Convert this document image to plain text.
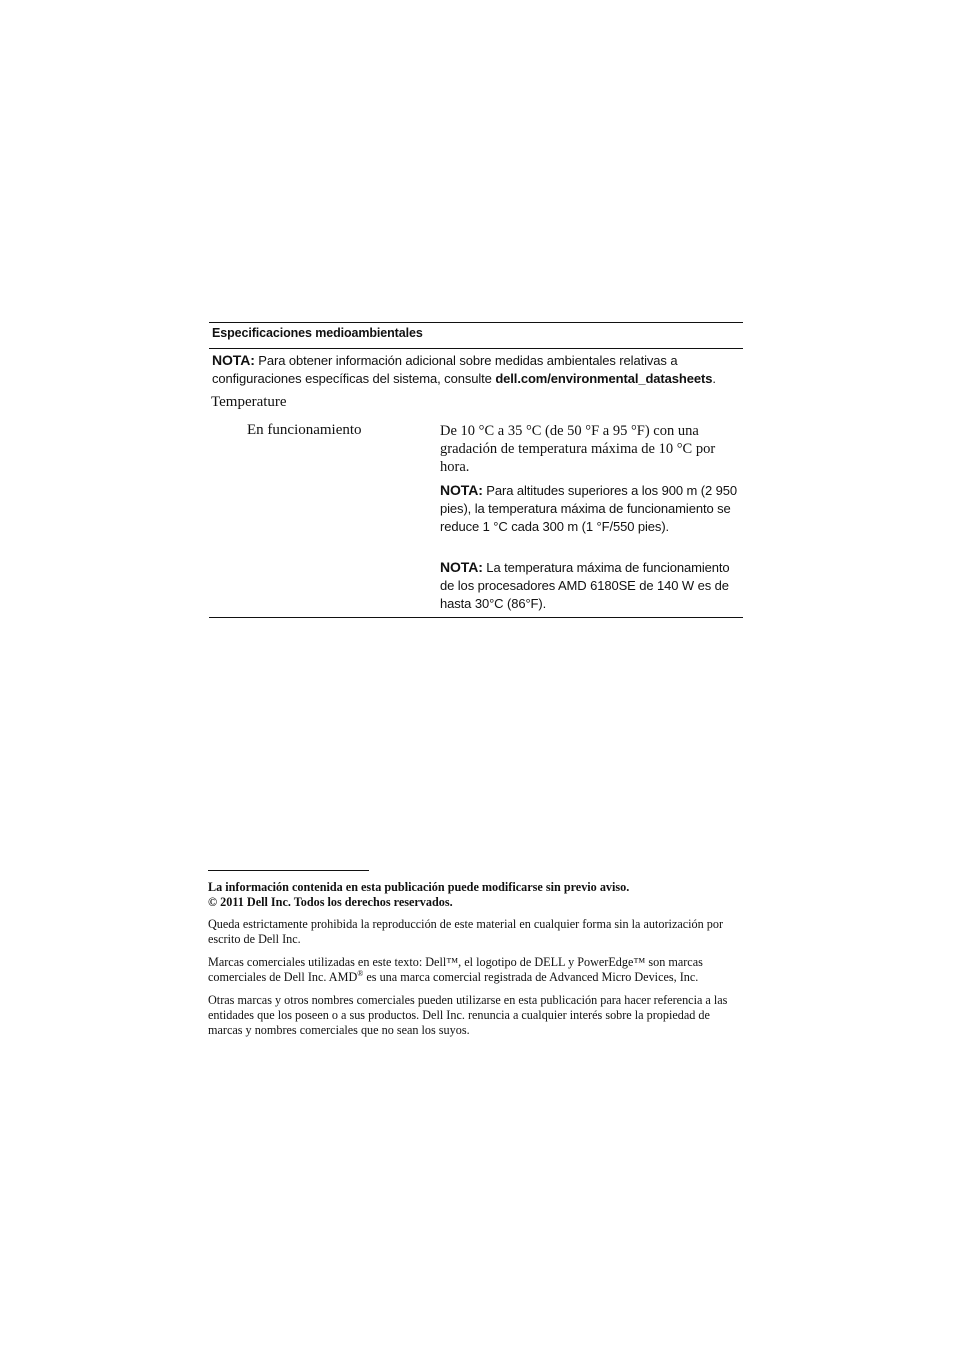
Especificaciones medioambientales
NOTA: Para obtener información adicional sobre medidas ambientales relativas a configuraciones específicas del sistema, consulte dell.com/environmental_datasheets.
Temperature
En funcionamiento	De 10 °C a 35 °C (de 50 °F a 95 °F) con una gradación de temperatura máxima de 10 °C por hora.
NOTA: Para altitudes superiores a los 900 m (2 950 pies), la temperatura máxima de funcionamiento se reduce 1 °C cada 300 m (1 °F/550 pies).
NOTA: La temperatura máxima de funcionamiento de los procesadores AMD 6180SE de 140 W es de hasta 30°C (86°F).

La información contenida en esta publicación puede modificarse sin previo aviso.
© 2011 Dell Inc. Todos los derechos reservados.

Queda estrictamente prohibida la reproducción de este material en cualquier forma sin la autorización por escrito de Dell Inc.

Marcas comerciales utilizadas en este texto: Dell™, el logotipo de DELL y PowerEdge™ son marcas comerciales de Dell Inc. AMD® es una marca comercial registrada de Advanced Micro Devices, Inc.

Otras marcas y otros nombres comerciales pueden utilizarse en esta publicación para hacer referencia a las entidades que los poseen o a sus productos. Dell Inc. renuncia a cualquier interés sobre la propiedad de marcas y nombres comerciales que no sean los suyos.
